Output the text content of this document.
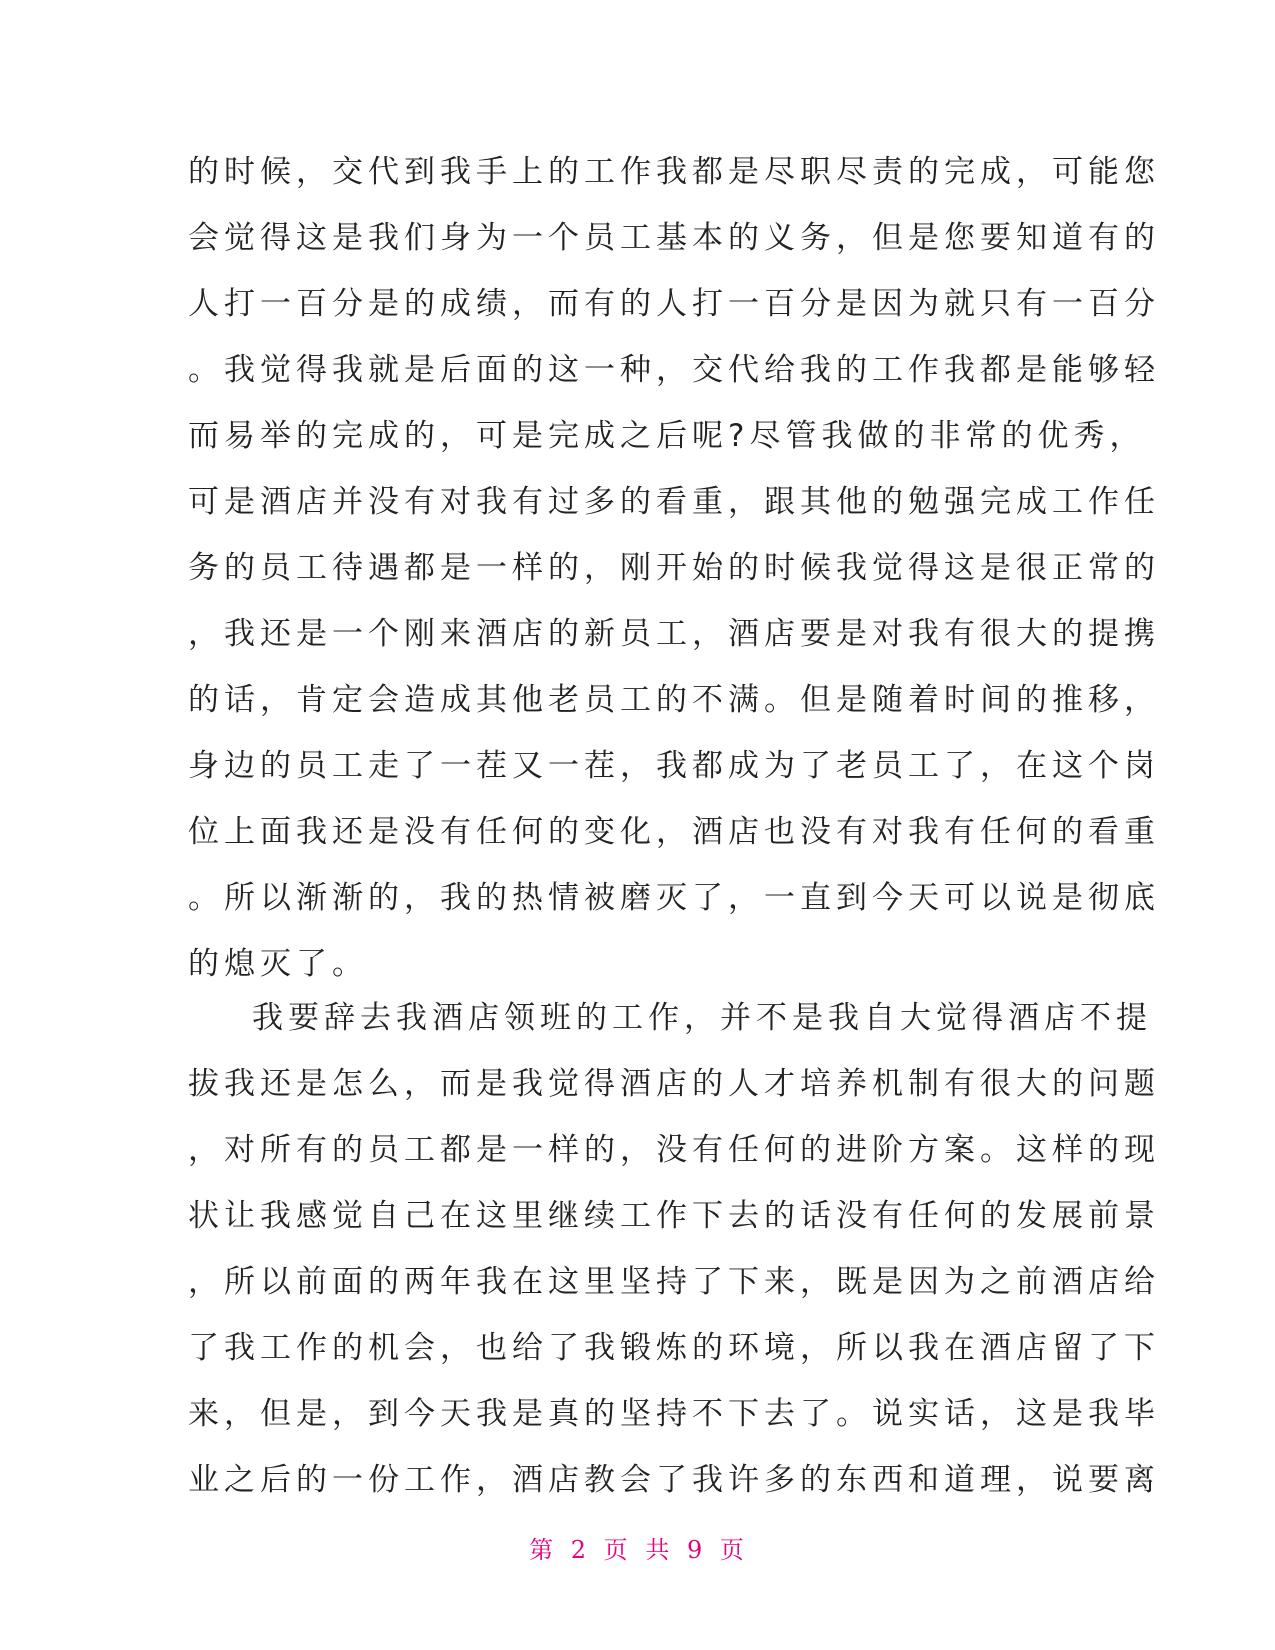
的时候，交代到我手上的工作我都是尽职尽责的完成，可能您
会觉得这是我们身为一个员工基本的义务，但是您要知道有的
人打一百分是的成绩，而有的人打一百分是因为就只有一百分
。我觉得我就是后面的这一种，交代给我的工作我都是能够轻
而易举的完成的，可是完成之后呢?尽管我做的非常的优秀，
可是酒店并没有对我有过多的看重，跟其他的勉强完成工作任
务的员工待遇都是一样的，刚开始的时候我觉得这是很正常的
，我还是一个刚来酒店的新员工，酒店要是对我有很大的提携
的话，肯定会造成其他老员工的不满。但是随着时间的推移，
身边的员工走了一茬又一茬，我都成为了老员工了，在这个岗
位上面我还是没有任何的变化，酒店也没有对我有任何的看重
。所以渐渐的，我的热情被磨灭了，一直到今天可以说是彻底
的熄灭了。
我要辞去我酒店领班的工作，并不是我自大觉得酒店不提
拔我还是怎么，而是我觉得酒店的人才培养机制有很大的问题
，对所有的员工都是一样的，没有任何的进阶方案。这样的现
状让我感觉自己在这里继续工作下去的话没有任何的发展前景
，所以前面的两年我在这里坚持了下来，既是因为之前酒店给
了我工作的机会，也给了我锻炼的环境，所以我在酒店留了下
来，但是，到今天我是真的坚持不下去了。说实话，这是我毕
业之后的一份工作，酒店教会了我许多的东西和道理，说要离
第 2 页 共 9 页
